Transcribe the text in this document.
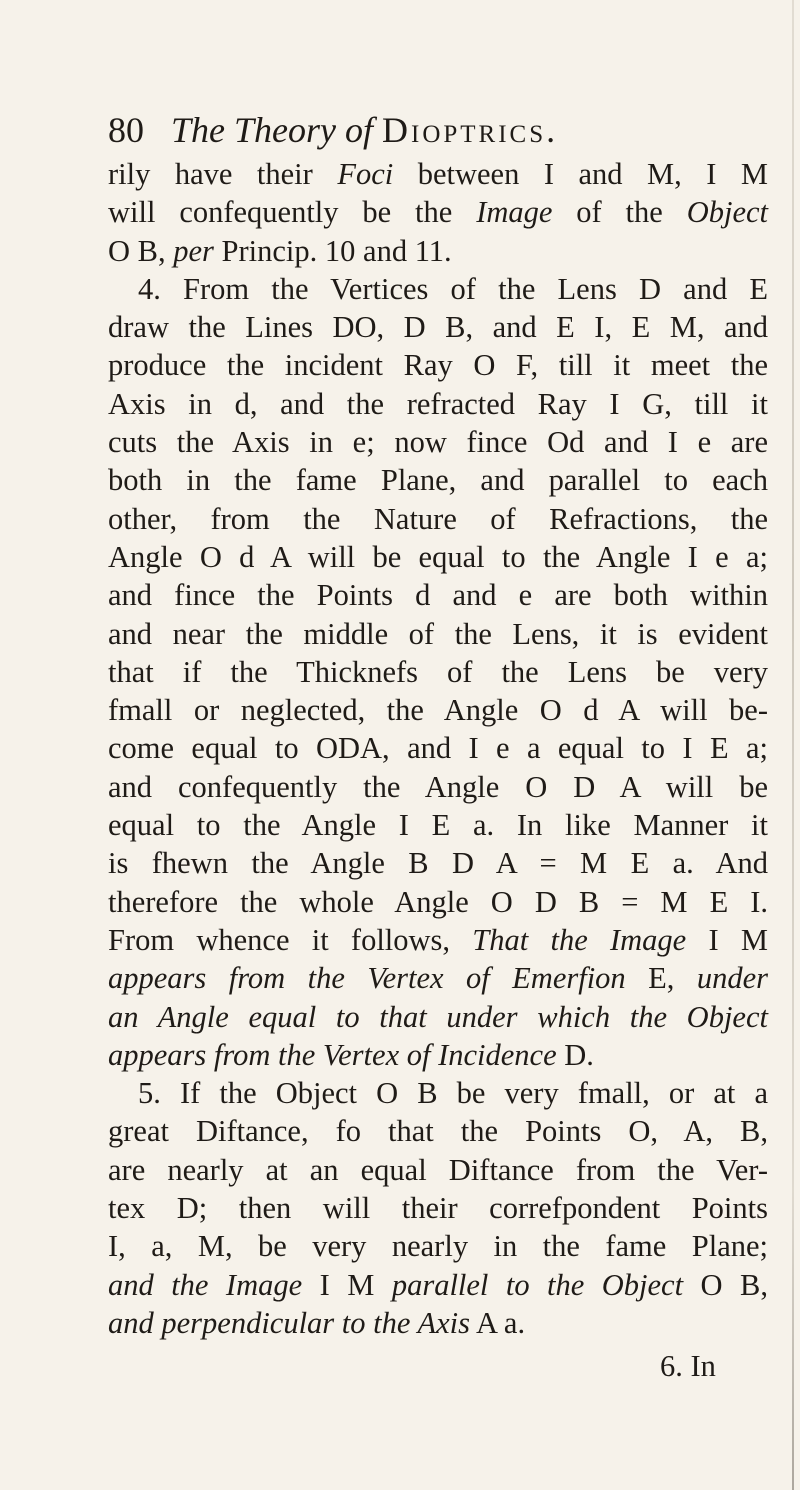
80 The Theory of Dioptrics.
rily have their Foci between I and M, I M
will confequently be the Image of the Object
O B, per Princip. 10 and 11.
4. From the Vertices of the Lens D and E
draw the Lines DO, D B, and E I, E M, and
produce the incident Ray O F, till it meet the
Axis in d, and the refracted Ray I G, till it
cuts the Axis in e; now fince Od and I e are
both in the fame Plane, and parallel to each
other, from the Nature of Refractions, the
Angle O d A will be equal to the Angle I e a;
and fince the Points d and e are both within
and near the middle of the Lens, it is evident
that if the Thicknefs of the Lens be very
fmall or neglected, the Angle O d A will be-
come equal to ODA, and I e a equal to I E a;
and confequently the Angle O D A will be
equal to the Angle I E a. In like Manner it
is fhewn the Angle B D A = M E a. And
therefore the whole Angle O D B = M E I.
From whence it follows, That the Image I M
appears from the Vertex of Emerfion E, under
an Angle equal to that under which the Object
appears from the Vertex of Incidence D.
5. If the Object O B be very fmall, or at a
great Diftance, fo that the Points O, A, B,
are nearly at an equal Diftance from the Ver-
tex D; then will their correfpondent Points
I, a, M, be very nearly in the fame Plane;
and the Image I M parallel to the Object O B,
and perpendicular to the Axis A a.
6. In
